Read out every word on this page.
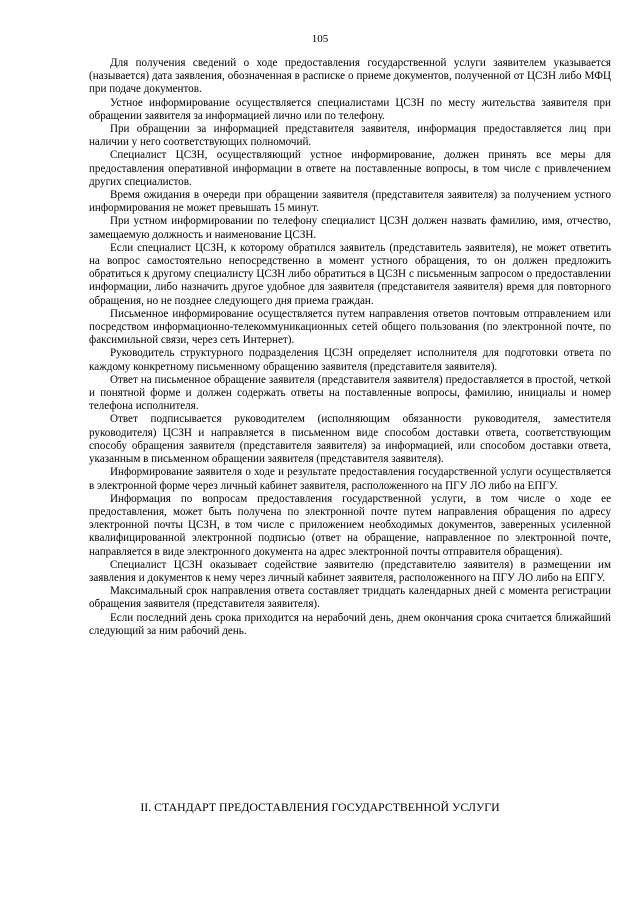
105

Для получения сведений о ходе предоставления государственной услуги заявителем указывается (называется) дата заявления, обозначенная в расписке о приеме документов, полученной от ЦСЗН либо МФЦ при подаче документов.

Устное информирование осуществляется специалистами ЦСЗН по месту жительства заявителя при обращении заявителя за информацией лично или по телефону.

При обращении за информацией представителя заявителя, информация предоставляется лиц при наличии у него соответствующих полномочий.

Специалист ЦСЗН, осуществляющий устное информирование, должен принять все меры для предоставления оперативной информации в ответе на поставленные вопросы, в том числе с привлечением других специалистов.

Время ожидания в очереди при обращении заявителя (представителя заявителя) за получением устного информирования не может превышать 15 минут.

При устном информировании по телефону специалист ЦСЗН должен назвать фамилию, имя, отчество, замещаемую должность и наименование ЦСЗН.

Если специалист ЦСЗН, к которому обратился заявитель (представитель заявителя), не может ответить на вопрос самостоятельно непосредственно в момент устного обращения, то он должен предложить обратиться к другому специалисту ЦСЗН либо обратиться в ЦСЗН с письменным запросом о предоставлении информации, либо назначить другое удобное для заявителя (представителя заявителя) время для повторного обращения, но не позднее следующего дня приема граждан.

Письменное информирование осуществляется путем направления ответов почтовым отправлением или посредством информационно-телекоммуникационных сетей общего пользования (по электронной почте, по факсимильной связи, через сеть Интернет).

Руководитель структурного подразделения ЦСЗН определяет исполнителя для подготовки ответа по каждому конкретному письменному обращению заявителя (представителя заявителя).

Ответ на письменное обращение заявителя (представителя заявителя) предоставляется в простой, четкой и понятной форме и должен содержать ответы на поставленные вопросы, фамилию, инициалы и номер телефона исполнителя.

Ответ подписывается руководителем (исполняющим обязанности руководителя, заместителя руководителя) ЦСЗН и направляется в письменном виде способом доставки ответа, соответствующим способу обращения заявителя (представителя заявителя) за информацией, или способом доставки ответа, указанным в письменном обращении заявителя (представителя заявителя).

Информирование заявителя о ходе и результате предоставления государственной услуги осуществляется в электронной форме через личный кабинет заявителя, расположенного на ПГУ ЛО либо на ЕПГУ.

Информация по вопросам предоставления государственной услуги, в том числе о ходе ее предоставления, может быть получена по электронной почте путем направления обращения по адресу электронной почты ЦСЗН, в том числе с приложением необходимых документов, заверенных усиленной квалифицированной электронной подписью (ответ на обращение, направленное по электронной почте, направляется в виде электронного документа на адрес электронной почты отправителя обращения).

Специалист ЦСЗН оказывает содействие заявителю (представителю заявителя) в размещении им заявления и документов к нему через личный кабинет заявителя, расположенного на ПГУ ЛО либо на ЕПГУ.

Максимальный срок направления ответа составляет тридцать календарных дней с момента регистрации обращения заявителя (представителя заявителя).

Если последний день срока приходится на нерабочий день, днем окончания срока считается ближайший следующий за ним рабочий день.

II. СТАНДАРТ ПРЕДОСТАВЛЕНИЯ ГОСУДАРСТВЕННОЙ УСЛУГИ
